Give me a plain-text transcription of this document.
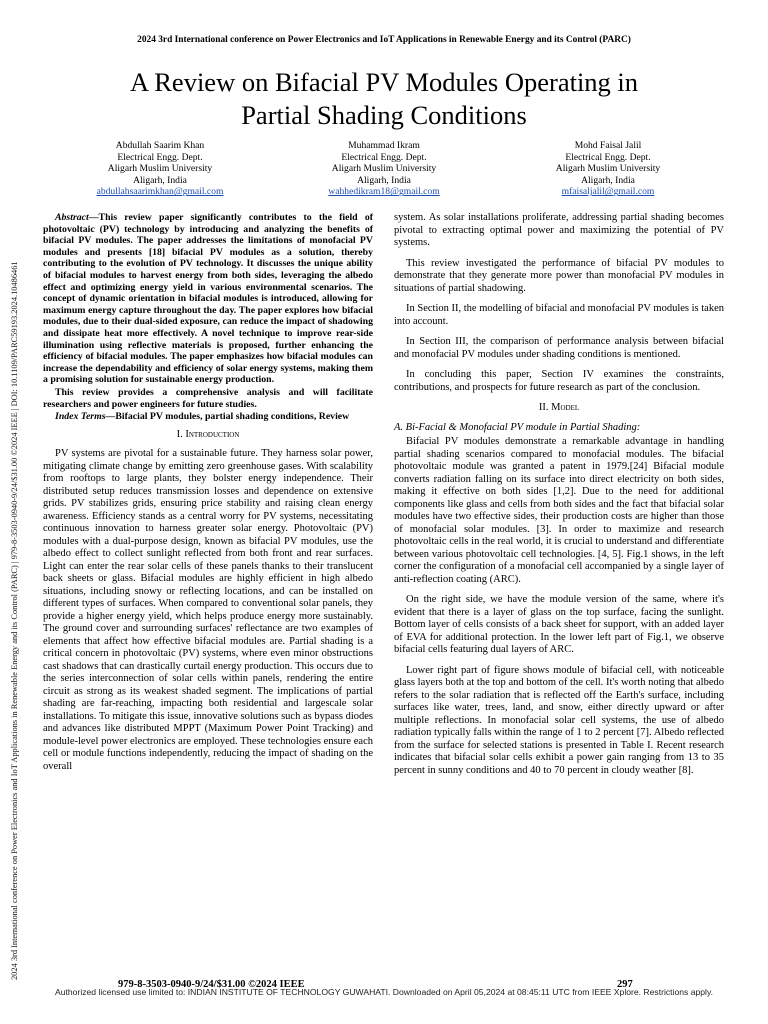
2024 3rd International conference on Power Electronics and IoT Applications in Renewable Energy and its Control (PARC)
2024 3rd International conference on Power Electronics and IoT Applications in Renewable Energy and its Control (PARC) | 979-8-3503-0940-9/24/$31.00 ©2024 IEEE | DOI: 10.1109/PARC59193.2024.10486461
A Review on Bifacial PV Modules Operating in
Partial Shading Conditions
Abdullah Saarim Khan
Electrical Engg. Dept.
Aligarh Muslim University
Aligarh, India
abdullahsaarimkhan@gmail.com
Muhammad Ikram
Electrical Engg. Dept.
Aligarh Muslim University
Aligarh, India
wahhedikram18@gmail.com
Mohd Faisal Jalil
Electrical Engg. Dept.
Aligarh Muslim University
Aligarh, India
mfaisaljalil@gmail.com
Abstract—This review paper significantly contributes to the field of photovoltaic (PV) technology by introducing and analyzing the benefits of bifacial PV modules. The paper addresses the limitations of monofacial PV modules and presents [18] bifacial PV modules as a solution, thereby contributing to the evolution of PV technology. It discusses the unique ability of bifacial modules to harvest energy from both sides, leveraging the albedo effect and optimizing energy yield in various environmental scenarios. The concept of dynamic orientation in bifacial modules is introduced, allowing for maximum energy capture throughout the day. The paper explores how bifacial modules, due to their dual-sided exposure, can reduce the impact of shadowing and dissipate heat more effectively. A novel technique to improve rear-side illumination using reflective materials is proposed, further enhancing the efficiency of bifacial modules. The paper emphasizes how bifacial modules can increase the dependability and efficiency of solar energy systems, making them a promising solution for sustainable energy production.
This review provides a comprehensive analysis and will facilitate researchers and power engineers for future studies.
Index Terms—Bifacial PV modules, partial shading conditions, Review
I. Introduction

PV systems are pivotal for a sustainable future. They harness solar power, mitigating climate change by emitting zero greenhouse gases. With scalability from rooftops to large plants, they bolster energy independence. Their distributed setup reduces transmission losses and dependence on extensive grids. PV stabilizes grids, ensuring price stability and raising clean energy awareness. Efficiency stands as a central worry for PV systems, necessitating continuous innovation to harness greater solar energy. Photovoltaic (PV) modules with a dual-purpose design, known as bifacial PV modules, use the albedo effect to collect sunlight reflected from both front and rear surfaces. Light can enter the rear solar cells of these panels thanks to their translucent back sheets or glass. Bifacial modules are highly efficient in high albedo situations, including snowy or reflecting locations, and can be installed on different types of surfaces. When compared to conventional solar panels, they provide a higher energy yield, which helps produce energy more sustainably. The ground cover and surrounding surfaces' reflectance are two examples of elements that affect how effective bifacial modules are. Partial shading is a critical concern in photovoltaic (PV) systems, where even minor obstructions cast shadows that can drastically curtail energy production. This occurs due to the series interconnection of solar cells within panels, rendering the entire circuit as strong as its weakest shaded segment. The implications of partial shading are far-reaching, impacting both residential and largescale solar installations. To mitigate this issue, innovative solutions such as bypass diodes and advances like distributed MPPT (Maximum Power Point Tracking) and module-level power electronics are employed. These technologies ensure each cell or module functions independently, reducing the impact of shading on the overall

system. As solar installations proliferate, addressing partial shading becomes pivotal to extracting optimal power and maximizing the potential of PV systems.

This review investigated the performance of bifacial PV modules to demonstrate that they generate more power than monofacial PV modules in situations of partial shadowing.

In Section II, the modelling of bifacial and monofacial PV modules is taken into account.

In Section III, the comparison of performance analysis between bifacial and monofacial PV modules under shading conditions is mentioned.

In concluding this paper, Section IV examines the constraints, contributions, and prospects for future research as part of the conclusion.

II. Model
A. Bi-Facial & Monofacial PV module in Partial Shading:

Bifacial PV modules demonstrate a remarkable advantage in handling partial shading scenarios compared to monofacial modules. The bifacial photovoltaic module was granted a patent in 1979.[24] Bifacial module converts radiation falling on its surface into direct electricity on both sides, making it effective on both sides [1,2]. Due to the need for additional components like glass and cells from both sides and the fact that bifacial solar modules have two effective sides, their production costs are higher than those of monofacial solar modules. [3]. In order to maximize and research photovoltaic cells in the real world, it is crucial to understand and differentiate between various photovoltaic cell technologies. [4, 5]. Fig.1 shows, in the left corner the configuration of a monofacial cell accompanied by a single layer of anti-reflection coating (ARC).

On the right side, we have the module version of the same, where it's evident that there is a layer of glass on the top surface, facing the sunlight. Bottom layer of cells consists of a back sheet for support, with an added layer of EVA for additional protection. In the lower left part of Fig.1, we observe bifacial cells featuring dual layers of ARC.

Lower right part of figure shows module of bifacial cell, with noticeable glass layers both at the top and bottom of the cell. It's worth noting that albedo refers to the solar radiation that is reflected off the Earth's surface, including surfaces like water, trees, land, and snow, either directly upward or after multiple reflections. In monofacial solar cell systems, the use of albedo radiation typically falls within the range of 1 to 2 percent [7]. Albedo reflected from the surface for selected stations is presented in Table I. Recent research indicates that bifacial solar cells exhibit a power gain ranging from 13 to 35 percent in sunny conditions and 40 to 70 percent in cloudy weather [8].

979-8-3503-0940-9/24/$31.00 ©2024 IEEE	297
Authorized licensed use limited to: INDIAN INSTITUTE OF TECHNOLOGY GUWAHATI. Downloaded on April 05,2024 at 08:45:11 UTC from IEEE Xplore. Restrictions apply.
